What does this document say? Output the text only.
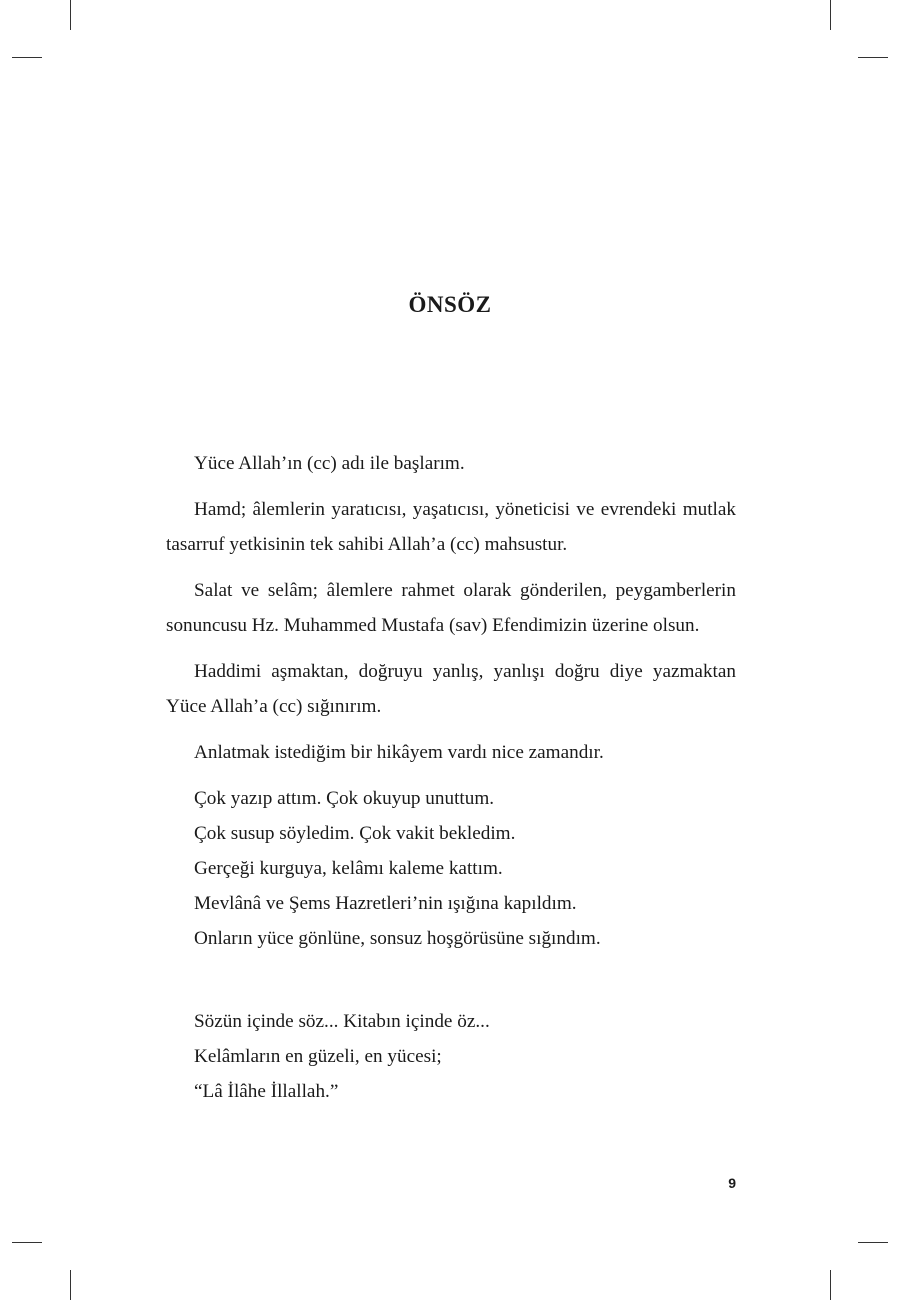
ÖNSÖZ

Yüce Allah’ın (cc) adı ile başlarım.

Hamd; âlemlerin yaratıcısı, yaşatıcısı, yöneticisi ve evrendeki mutlak tasarruf yetkisinin tek sahibi Allah’a (cc) mahsustur.

Salat ve selâm; âlemlere rahmet olarak gönderilen, peygamberlerin sonuncusu Hz. Muhammed Mustafa (sav) Efendimizin üzerine olsun.

Haddimi aşmaktan, doğruyu yanlış, yanlışı doğru diye yazmaktan Yüce Allah’a (cc) sığınırım.

Anlatmak istediğim bir hikâyem vardı nice zamandır.

Çok yazıp attım. Çok okuyup unuttum.

Çok susup söyledim. Çok vakit bekledim.

Gerçeği kurguya, kelâmı kaleme kattım.

Mevlânâ ve Şems Hazretleri’nin ışığına kapıldım.

Onların yüce gönlüne, sonsuz hoşgörüsüne sığındım.

Sözün içinde söz... Kitabın içinde öz...

Kelâmların en güzeli, en yücesi;

“Lâ İlâhe İllallah.”

9
